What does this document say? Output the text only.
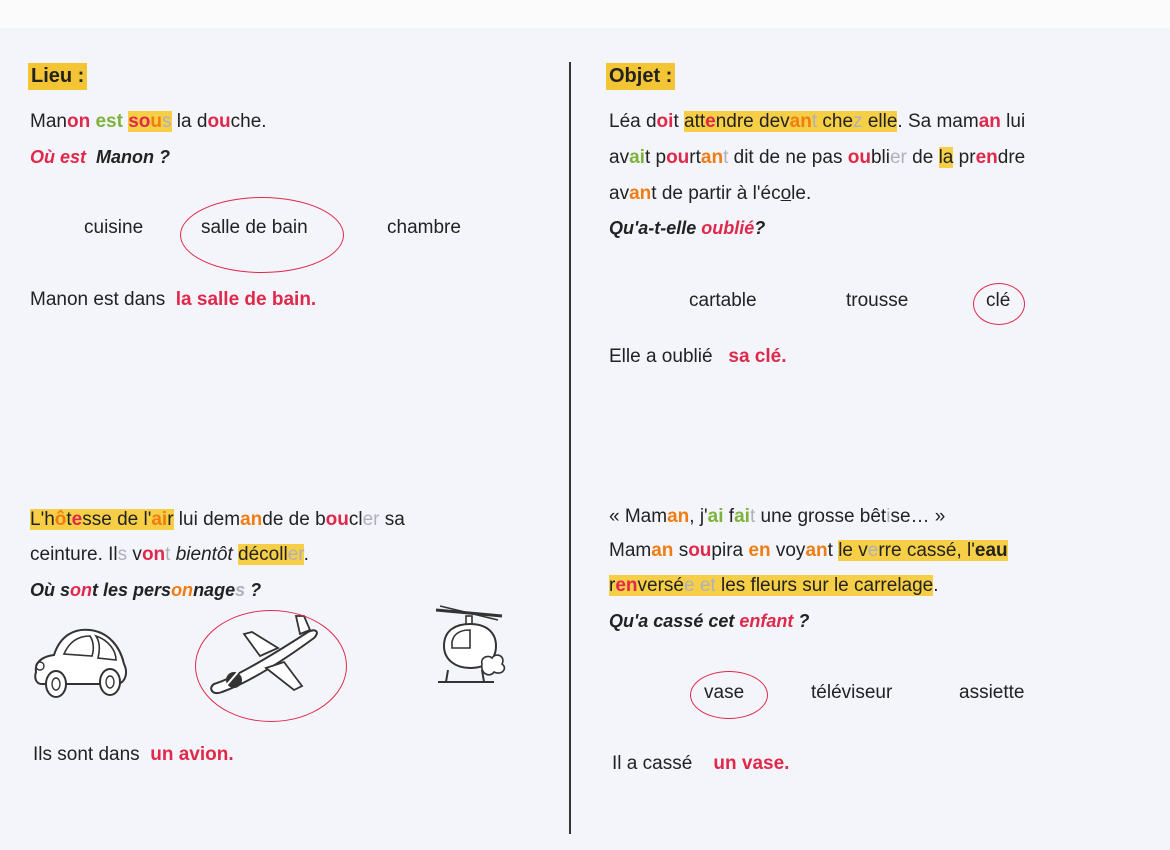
Lieu :
Manon est sous la douche.
Où est Manon ?
cuisine	salle de bain	chambre
Manon est dans la salle de bain.
L'hôtesse de l'air lui demande de boucler sa
ceinture. Ils vont bientôt décoller.
Où sont les personnages ?
Ils sont dans un avion.
Objet :
Léa doit attendre devant chez elle. Sa maman lui
avait pourtant dit de ne pas oublier de la prendre
avant de partir à l'école.
Qu'a-t-elle oublié?
cartable	trousse	clé
Elle a oublié sa clé.
« Maman, j'ai fait une grosse bêtise… »
Maman soupira en voyant le verre cassé, l'eau
renversée et les fleurs sur le carrelage.
Qu'a cassé cet enfant ?
vase	téléviseur	assiette
Il a cassé un vase.
